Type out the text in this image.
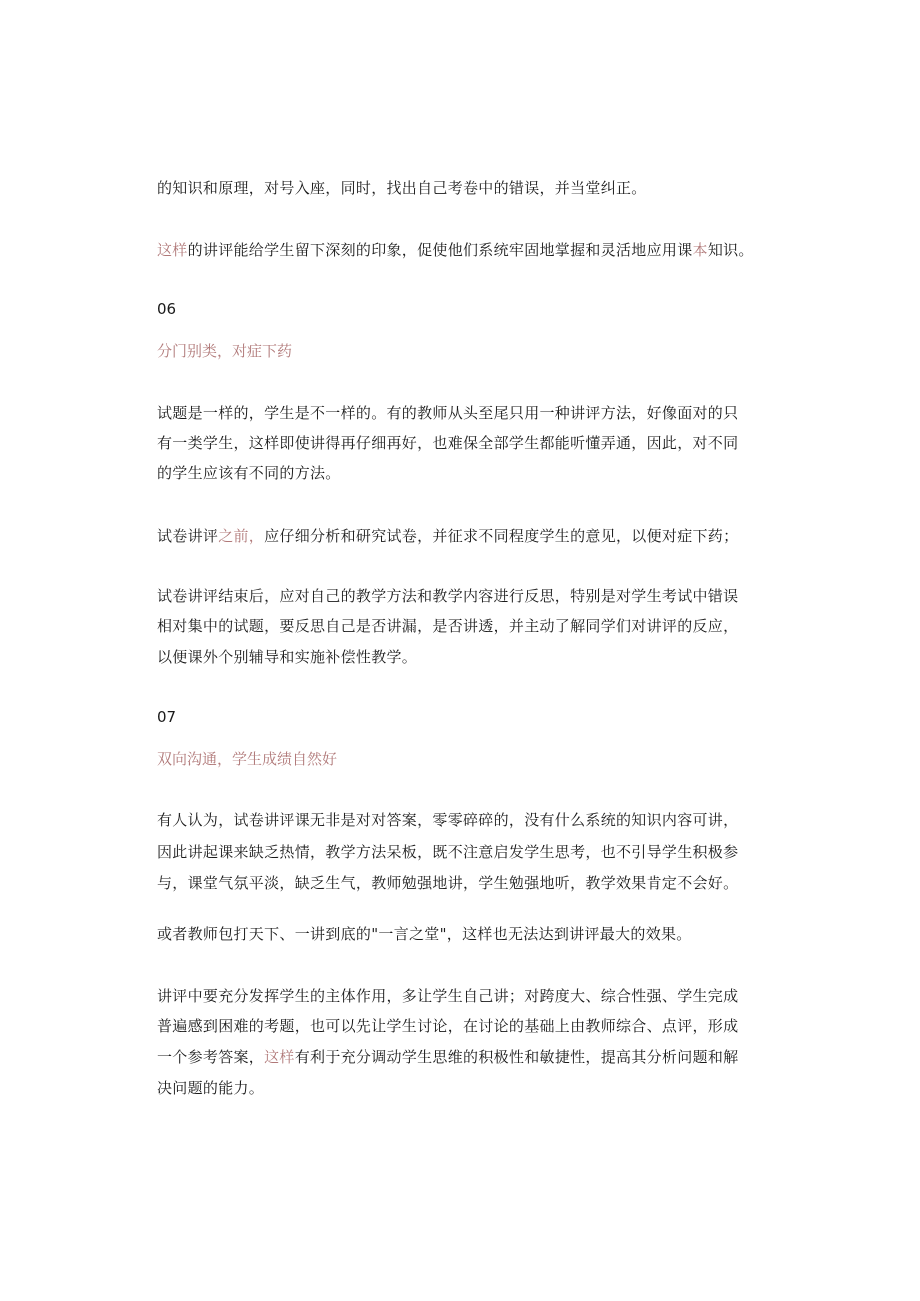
的知识和原理，对号入座，同时，找出自己考卷中的错误，并当堂纠正。
这样的讲评能给学生留下深刻的印象，促使他们系统牢固地掌握和灵活地应用课本知识。
06
分门别类，对症下药
试题是一样的，学生是不一样的。有的教师从头至尾只用一种讲评方法，好像面对的只
有一类学生，这样即使讲得再仔细再好，也难保全部学生都能听懂弄通，因此，对不同
的学生应该有不同的方法。
试卷讲评之前，应仔细分析和研究试卷，并征求不同程度学生的意见，以便对症下药；
试卷讲评结束后，应对自己的教学方法和教学内容进行反思，特别是对学生考试中错误
相对集中的试题，要反思自己是否讲漏，是否讲透，并主动了解同学们对讲评的反应，
以便课外个别辅导和实施补偿性教学。
07
双向沟通，学生成绩自然好
有人认为，试卷讲评课无非是对对答案，零零碎碎的，没有什么系统的知识内容可讲，
因此讲起课来缺乏热情，教学方法呆板，既不注意启发学生思考，也不引导学生积极参
与，课堂气氛平淡，缺乏生气，教师勉强地讲，学生勉强地听，教学效果肯定不会好。
或者教师包打天下、一讲到底的"一言之堂"，这样也无法达到讲评最大的效果。
讲评中要充分发挥学生的主体作用，多让学生自己讲；对跨度大、综合性强、学生完成
普遍感到困难的考题，也可以先让学生讨论，在讨论的基础上由教师综合、点评，形成
一个参考答案，这样有利于充分调动学生思维的积极性和敏捷性，提高其分析问题和解
决问题的能力。
